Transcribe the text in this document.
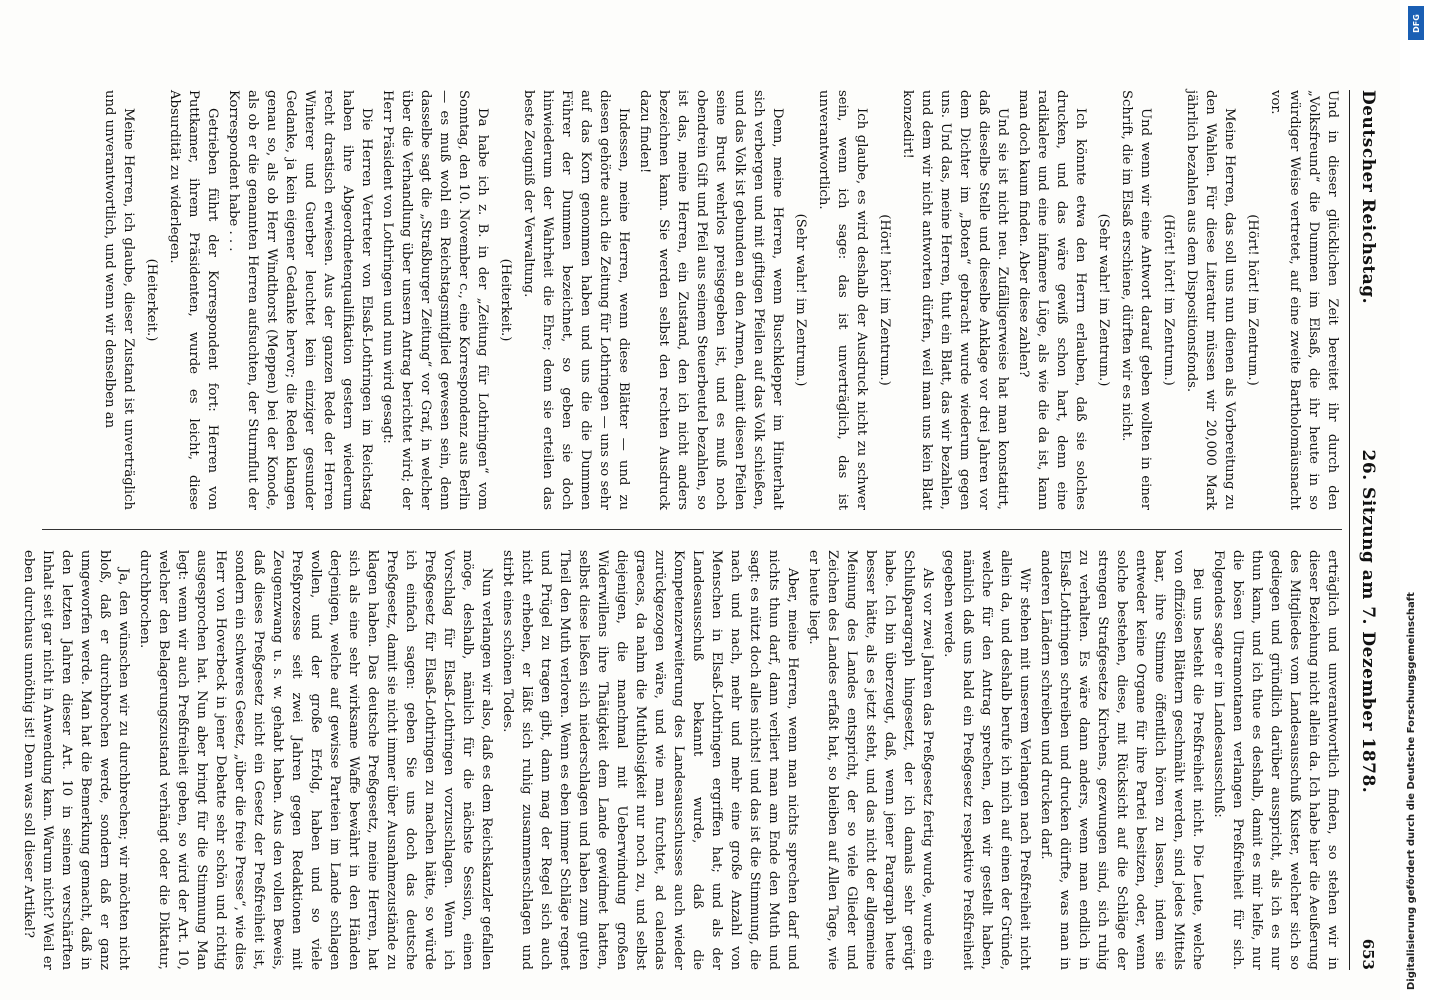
Deutscher Reichstag.
26. Sitzung am 7. Dezember 1878.
653

Und in dieser glücklichen Zeit bereitet ihr durch den „Volksfreund“ die Dummen im Elsaß, die ihr heute in so würdiger Weise vertretet, auf eine zweite Bartholomäusnacht vor.

(Hört! hört! im Zentrum.)

Meine Herren, das soll uns nun dienen als Vorbereitung zu den Wahlen. Für diese Literatur müssen wir 20,000 Mark jährlich bezahlen aus dem Dispositionsfonds.

(Hört! hört! im Zentrum.)

Und wenn wir eine Antwort darauf geben wollten in einer Schrift, die im Elsaß erschiene, dürften wir es nicht.

(Sehr wahr! im Zentrum.)

Ich könnte etwa den Herrn erlauben, daß sie solches drucken, und das wäre gewiß schon hart, denn eine radikalere und eine infamere Lüge, als wie die da ist, kann man doch kaum finden. Aber diese zahlen?

Und sie ist nicht neu. Zufälligerweise hat man konstatirt, daß dieselbe Stelle und dieselbe Anklage vor drei Jahren vor dem Dichter im „Boten“ gebracht wurde wiederum gegen uns. Und das, meine Herren, thut ein Blatt, das wir bezahlen, und dem wir nicht antworten dürfen, weil man uns kein Blatt konzedirt!

(Hört! hört! im Zentrum.)

Ich glaube, es wird deshalb der Ausdruck nicht zu schwer sein, wenn ich sage: das ist unverträglich, das ist unverantwortlich.

(Sehr wahr! im Zentrum.)

Denn, meine Herren, wenn Buschklepper im Hinterhalt sich verbergen und mit giftigen Pfeilen auf das Volk schießen, und das Volk ist gebunden an den Armen, damit diesen Pfeilen seine Brust wehrlos preisgegeben ist, und es muß noch obendrein Gift und Pfeil aus seinem Steuerbeutel bezahlen, so ist das, meine Herren, ein Zustand, den ich nicht anders bezeichnen kann. Sie werden selbst den rechten Ausdruck dazu finden!

Indessen, meine Herren, wenn diese Blätter — und zu diesen gehörte auch die Zeitung für Lothringen — uns so sehr auf das Korn genommen haben und uns die die Dummen Führer der Dummen bezeichnet, so geben sie doch hinwiederum der Wahrheit die Ehre; denn sie erteilen das beste Zeugniß der Verwaltung.

(Heiterkeit.)

Da habe ich z. B. in der „Zeitung für Lothringen“ vom Sonntag, den 10. November c., eine Korrespondenz aus Berlin — es muß wohl ein Reichstagsmitglied gewesen sein, denn dasselbe sagt die „Straßburger Zeitung“ vor Graf, in welcher über die Verhandlung über unsern Antrag berichtet wird; der Herr Präsident von Lothringen und nun wird gesagt:

Die Herren Vertreter von Elsaß-Lothringen im Reichstag haben ihre Abgeordnetenqualifikation gestern wiederum recht drastisch erwiesen. Aus der ganzen Rede der Herren Winterer und Guerber leuchtet kein einziger gesunder Gedanke, ja kein eigener Gedanke hervor; die Reden klangen genau so, als ob Herr Windthorst (Meppen) bei der Konode, als ob er die genannten Herren aufsuchten, der Sturmflut der Korrespondent habe . . .

Getrieben führt der Korrespondent fort: Herren von Puttkamer, ihrem Präsidenten, wurde es leicht, diese Absurdität zu widerlegen.

(Heiterkeit.)

Meine Herren, ich glaube, dieser Zustand ist unverträglich und unverantwortlich, und wenn wir denselben an

erträglich und unverantwortlich finden, so stehen wir in dieser Beziehung nicht allein da. Ich habe hier die Aeußerung des Mitgliedes vom Landesausschuß Kuster, welcher sich so gediegen und gründlich darüber ausspricht, als ich es nur thun kann, und ich thue es deshalb, damit es mir helfe, nur die bösen Ultramontanen verlangen Preßfreiheit für sich. Folgendes sagte er im Landesausschuß:

Bei uns besteht die Preßfreiheit nicht. Die Leute, welche von offiziösen Blättern geschmäht werden, sind jedes Mittels baar, ihre Stimme öffentlich hören zu lassen, indem sie entweder keine Organe für ihre Partei besitzen, oder, wenn solche bestehen, diese, mit Rücksicht auf die Schläge der strengen Strafgesetze Kirchens, gezwungen sind, sich ruhig zu verhalten. Es wäre dann anders, wenn man endlich in Elsaß-Lothringen schreiben und drucken dürfte, was man in anderen Ländern schreiben und drucken darf.

Wir stehen mit unserem Verlangen nach Preßfreiheit nicht allein da, und deshalb berufe ich mich auf einen der Gründe, welche für den Antrag sprechen, den wir gestellt haben, nämlich daß uns bald ein Preßgesetz respektive Preßfreiheit gegeben werde.

Als vor zwei Jahren das Preßgesetz fertig wurde, wurde ein Schlußparagraph hingesetzt, der ich damals sehr gerügt habe. Ich bin überzeugt, daß, wenn jener Paragraph heute besser hätte, als es jetzt steht, und das nicht der allgemeine Meinung des Landes entspricht, der so viele Glieder und Zeichen des Landes erfaßt hat, so bleiben auf Allen Tage, wie er heute liegt.

Aber, meine Herren, wenn man nichts sprechen darf und nichts thun darf, dann verliert man am Ende den Muth und sagt: es nützt doch alles nichts! und das ist die Stimmung, die nach und nach, mehr und mehr eine große Anzahl von Menschen in Elsaß-Lothringen ergriffen hat; und als der Landesausschuß bekannt wurde, daß die Kompetenzerweiterung des Landesausschusses auch wieder zurückgezogen wäre, und wie man furchtet, ad calendas graecas, da nahm die Muthlosigkeit nur noch zu, und selbst diejenigen, die manchmal mit Ueberwindung großen Widerwillens ihre Thätigkeit dem Lande gewidmet hatten, selbst diese ließen sich niederschlagen und haben zum guten Theil den Muth verloren. Wenn es eben immer Schläge regnet und Prügel zu tragen gibt, dann mag der Regel sich auch nicht erheben, er läßt sich ruhig zusammenschlagen und stirbt eines schönen Todes.

Nun verlangen wir also, daß es dem Reichskanzler gefallen möge, deshalb, nämlich für die nächste Session, einen Vorschlag für Elsaß-Lothringen vorzuschlagen. Wenn ich Preßgesetz für Elsaß-Lothringen zu machen hätte, so würde ich einfach sagen: geben Sie uns doch das deutsche Preßgesetz, damit sie nicht immer über Ausnahmezustände zu klagen haben. Das deutsche Preßgesetz, meine Herren, hat sich als eine sehr wirksame Waffe bewährt in den Händen derjenigen, welche auf gewisse Parteien im Lande schlagen wollen, und der große Erfolg, haben und so viele Preßprozesse seit zwei Jahren gegen Redaktionen mit Zeugenzwang u. s. w. gehabt haben. Aus den vollen Beweis, daß dieses Preßgesetz nicht ein Gesetz der Preßfreiheit ist, sondern ein schweres Gesetz, „über die freie Presse“, wie dies Herr von Hoverbeck in jener Debatte sehr schön und richtig ausgesprochen hat. Nun aber bringt für die Stimmung Man legt: wenn wir auch Preßfreiheit geben, so wird der Art. 10, welcher den Belagerungszustand verhängt oder die Diktatur, durchbrochen.

Ja, den wünschen wir zu durchbrechen; wir möchten nicht bloß, daß er durchbrochen werde, sondern daß er ganz umgeworfen werde. Man hat die Bemerkung gemacht, daß in den letzten Jahren dieser Art. 10 in seinem verschärften Inhalt seit gar nicht in Anwendung kam. Warum nicht? Weil er eben durchaus unnöthig ist! Denn was soll dieser Artikel?	Digitalisierung gefördert durch die Deutsche Forschungsgemeinschaft
DFG
